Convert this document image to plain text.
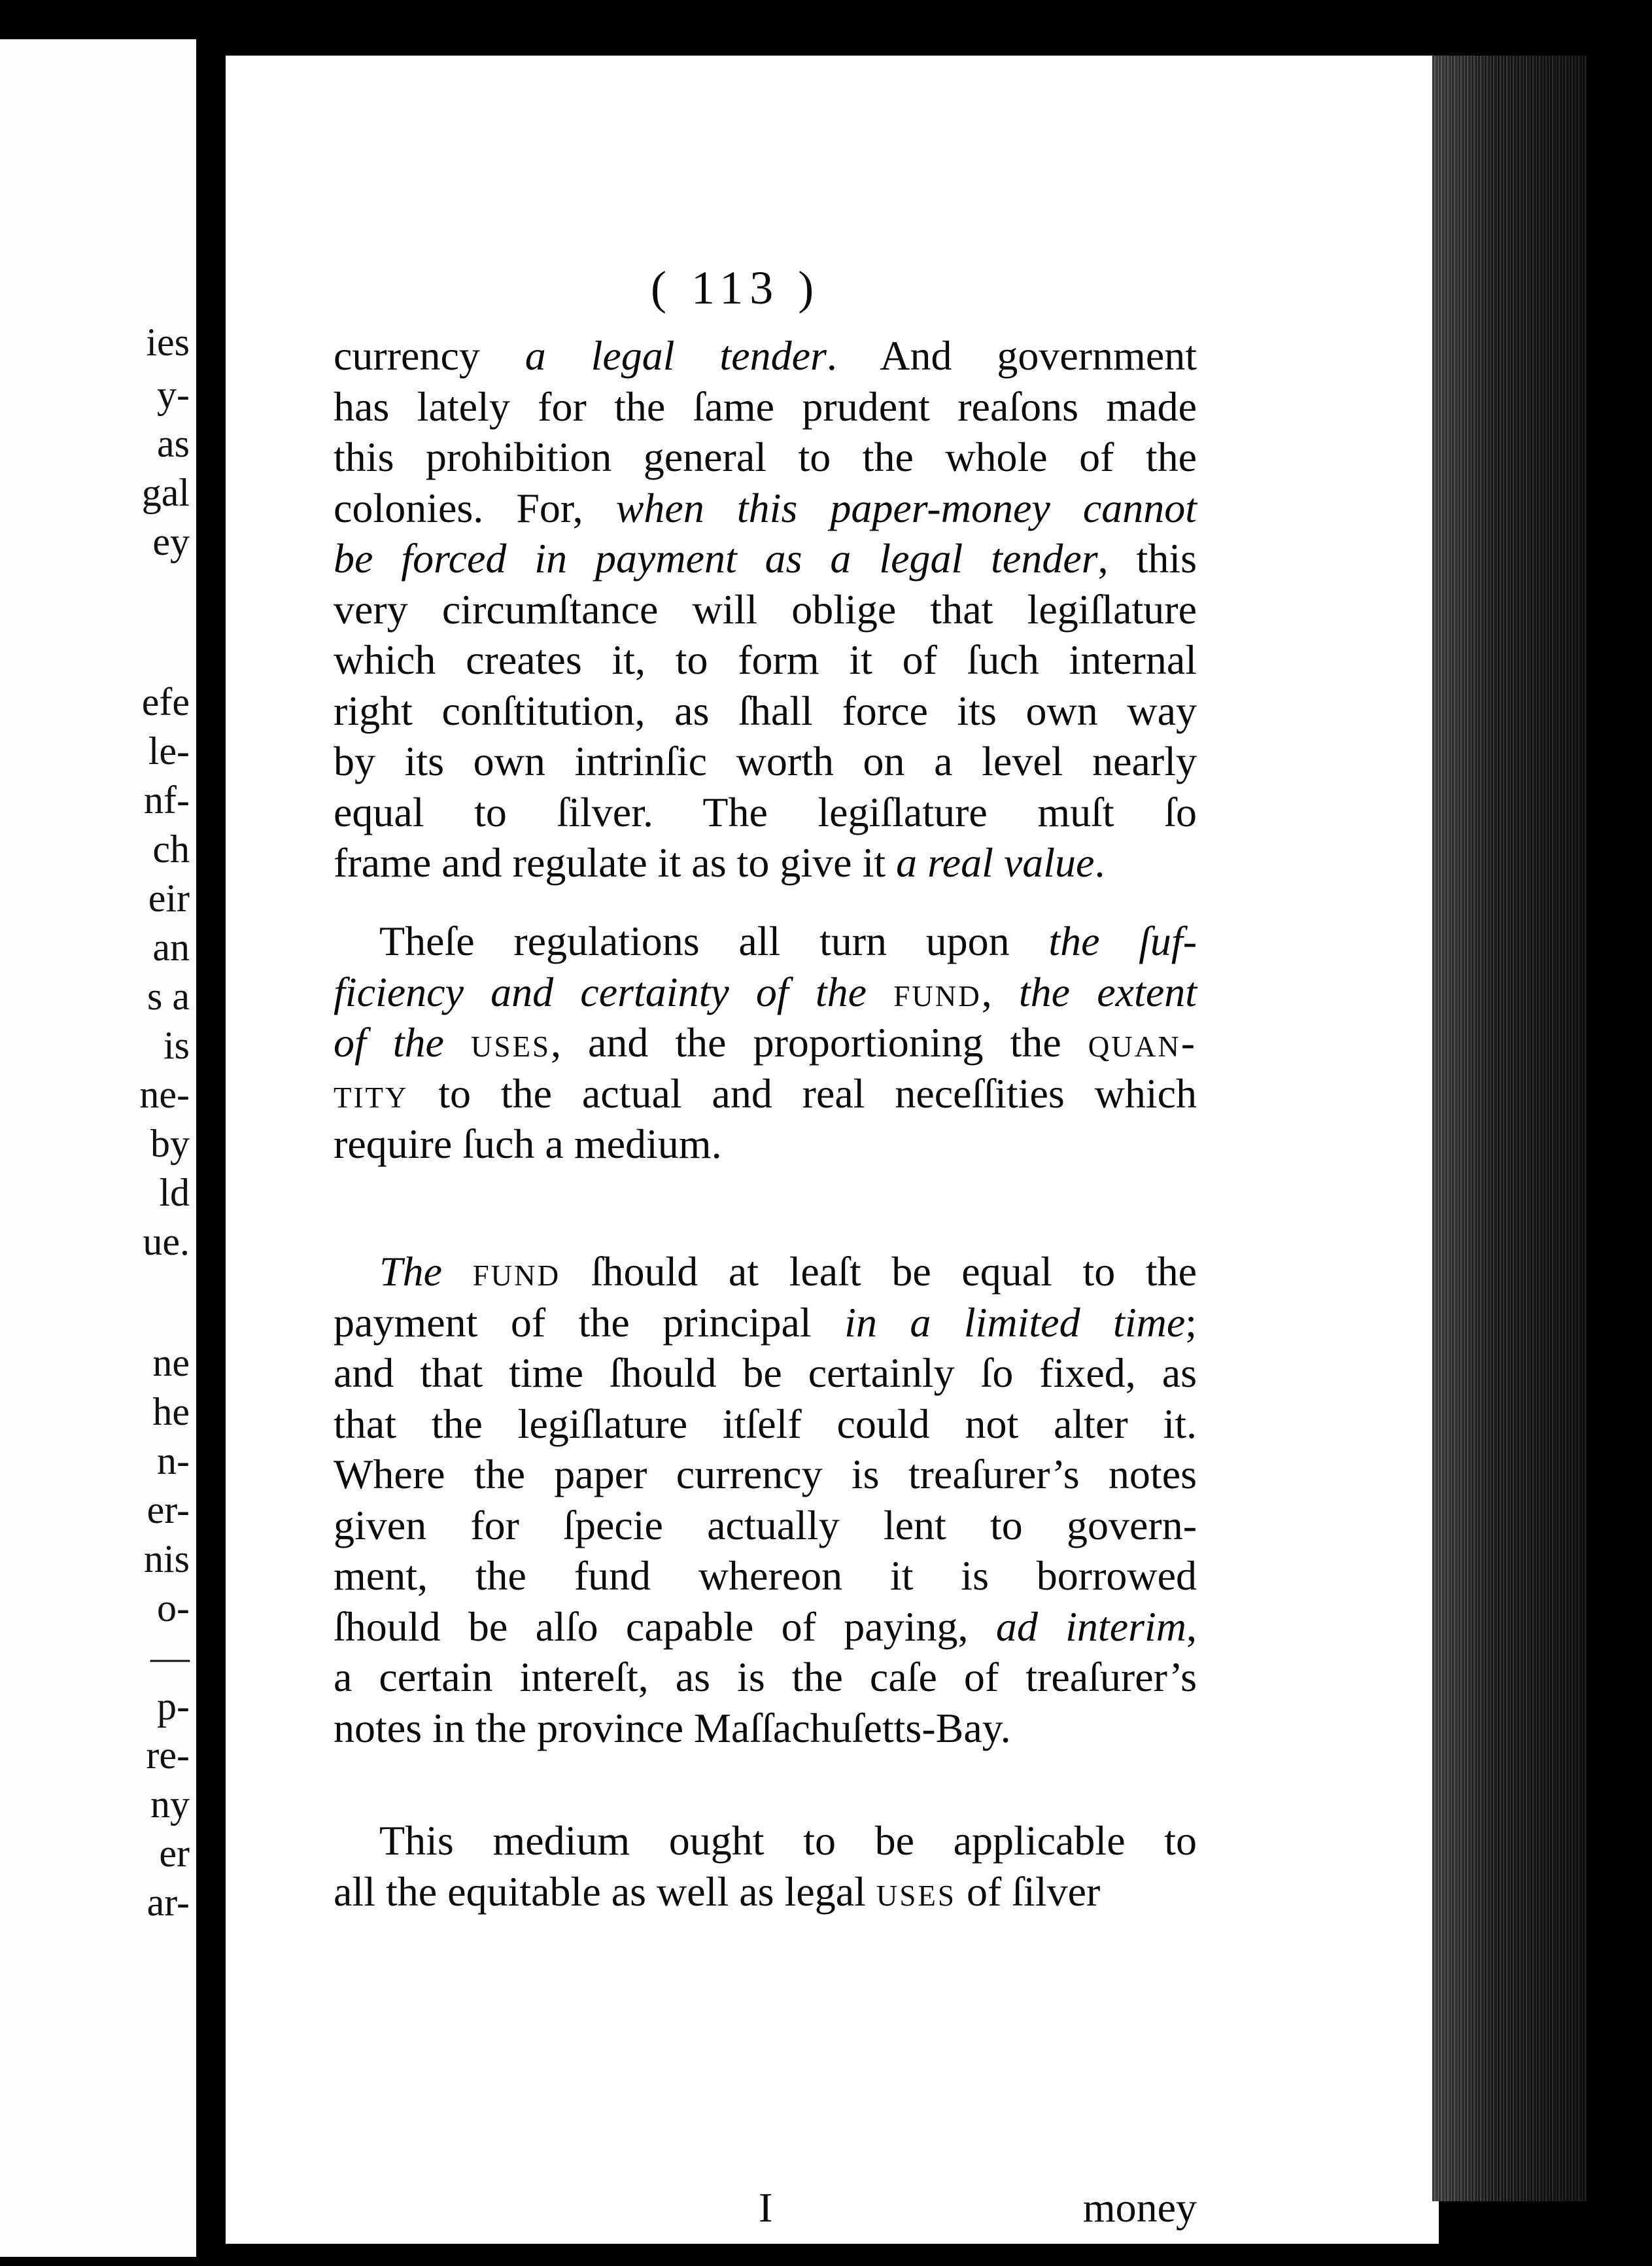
ies
y-
as
gal
ey
efe
le-
nf-
ch
eir
an
s a
is
ne-
by
ld
ue.
ne
he
n-
er-
nis
o-
—
p-
re-
ny
er
ar-
( 113 )
I	money
currency a legal tender. And government
has lately for the ſame prudent reaſons made
this prohibition general to the whole of the
colonies. For, when this paper-money cannot
be forced in payment as a legal tender, this
very circumſtance will oblige that legiſlature
which creates it, to form it of ſuch internal
right conſtitution, as ſhall force its own way
by its own intrinſic worth on a level nearly
equal to ſilver. The legiſlature muſt ſo
frame and regulate it as to give it a real value.
Theſe regulations all turn upon the ſuf-
ficiency and certainty of the fund, the extent
of the uses, and the proportioning the quan-
tity to the actual and real neceſſities which
require ſuch a medium.
The fund ſhould at leaſt be equal to the
payment of the principal in a limited time;
and that time ſhould be certainly ſo fixed, as
that the legiſlature itſelf could not alter it.
Where the paper currency is treaſurer’s notes
given for ſpecie actually lent to govern-
ment, the fund whereon it is borrowed
ſhould be alſo capable of paying, ad interim,
a certain intereſt, as is the caſe of treaſurer’s
notes in the province Maſſachuſetts-Bay.
This medium ought to be applicable to
all the equitable as well as legal uses of ſilver
